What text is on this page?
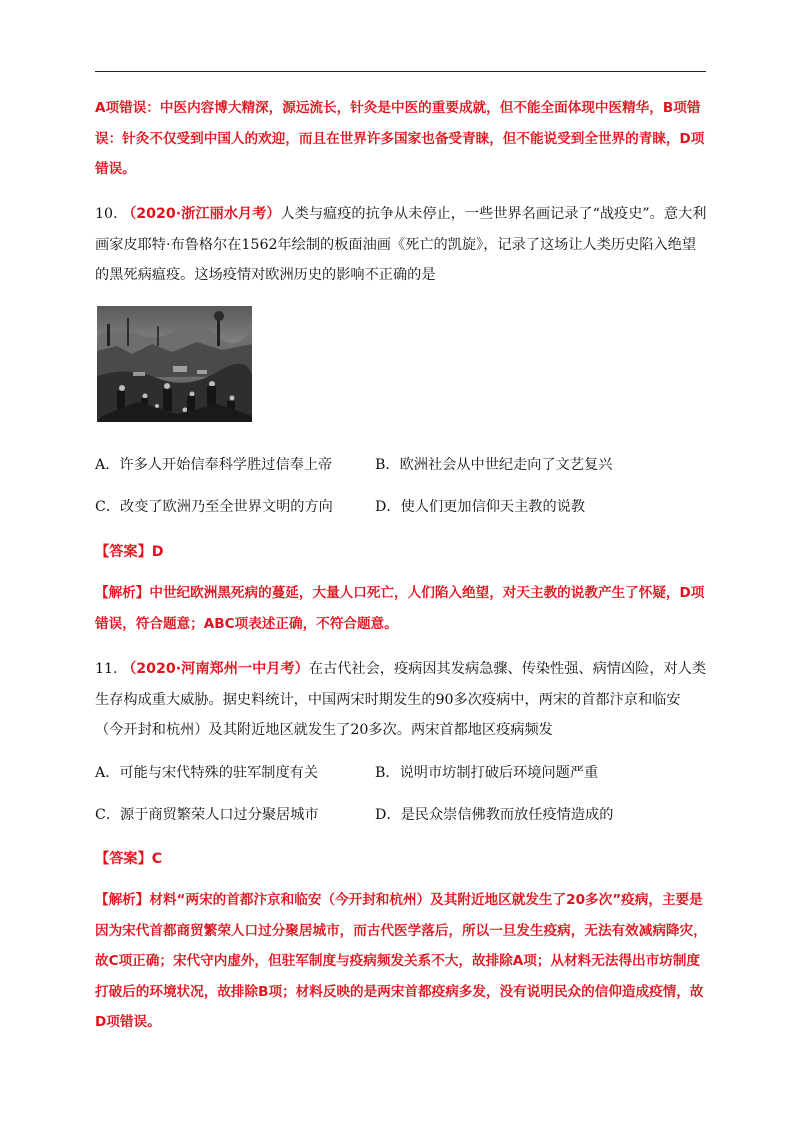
A项错误：中医内容博大精深，源远流长，针灸是中医的重要成就，但不能全面体现中医精华，B项错误：针灸不仅受到中国人的欢迎，而且在世界许多国家也备受青睐，但不能说受到全世界的青睐，D项错误。
10. （2020·浙江丽水月考）人类与瘟疫的抗争从未停止，一些世界名画记录了“战疫史”。意大利画家皮耶特·布鲁格尔在1562年绘制的板面油画《死亡的凯旋》，记录了这场让人类历史陷入绝望的黑死病瘟疫。这场疫情对欧洲历史的影响不正确的是
A．许多人开始信奉科学胜过信奉上帝	B．欧洲社会从中世纪走向了文艺复兴
C．改变了欧洲乃至全世界文明的方向	D．使人们更加信仰天主教的说教
【答案】D
【解析】中世纪欧洲黑死病的蔓延，大量人口死亡，人们陷入绝望，对天主教的说教产生了怀疑，D项错误，符合题意；ABC项表述正确，不符合题意。
11. （2020·河南郑州一中月考）在古代社会，疫病因其发病急骤、传染性强、病情凶险，对人类生存构成重大威胁。据史料统计，中国两宋时期发生的90多次疫病中，两宋的首都汴京和临安（今开封和杭州）及其附近地区就发生了20多次。两宋首都地区疫病频发
A．可能与宋代特殊的驻军制度有关	B．说明市坊制打破后环境问题严重
C．源于商贸繁荣人口过分聚居城市	D．是民众崇信佛教而放任疫情造成的
【答案】C
【解析】材料“两宋的首都汴京和临安（今开封和杭州）及其附近地区就发生了20多次”疫病，主要是因为宋代首都商贸繁荣人口过分聚居城市，而古代医学落后，所以一旦发生疫病，无法有效减病降灾，故C项正确；宋代守内虚外，但驻军制度与疫病频发关系不大，故排除A项；从材料无法得出市坊制度打破后的环境状况，故排除B项；材料反映的是两宋首都疫病多发，没有说明民众的信仰造成疫情，故D项错误。
